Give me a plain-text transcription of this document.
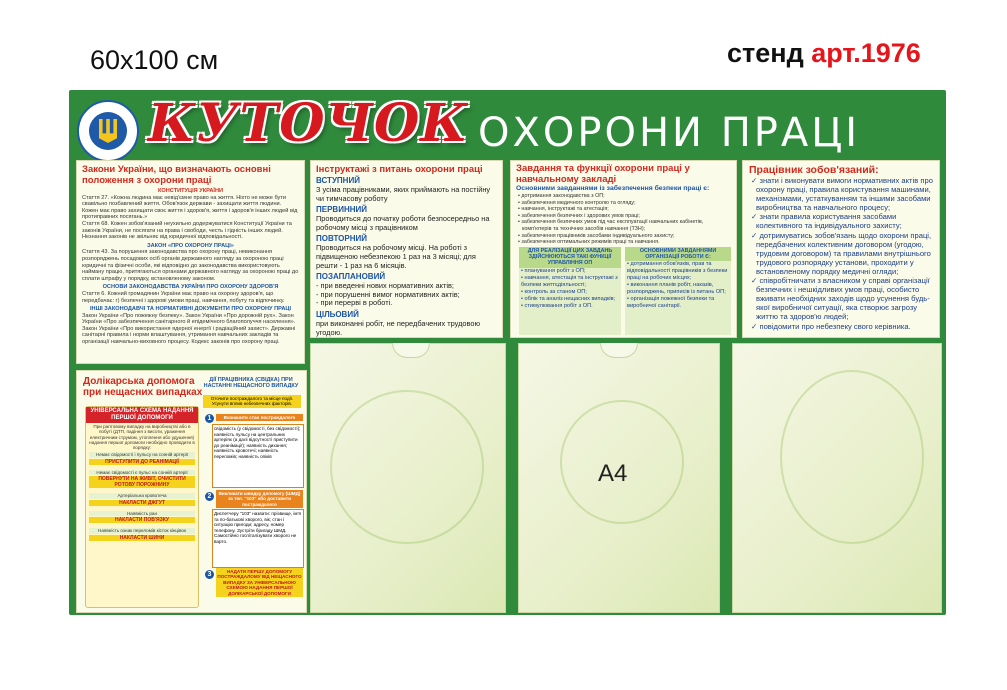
60x100 см	стенд арт.1976
КУТОЧОК ОХОРОНИ ПРАЦІ
Закони України, що визначають основні положення з охорони праці
КОНСТИТУЦІЯ УКРАЇНИ
Стаття 27. «Кожна людина має невід'ємне право на життя. Ніхто не може бути свавільно позбавлений життя. Обов'язок держави - захищати життя людини. Кожен має право захищати своє життя і здоров'я, життя і здоров'я інших людей від протиправних посягань.»
Стаття 68. Кожен зобов'язаний неухильно додержуватися Конституції України та законів України, не посягати на права і свободи, честь і гідність інших людей. Незнання законів не звільняє від юридичної відповідальності.
ЗАКОН «ПРО ОХОРОНУ ПРАЦІ»
Стаття 43. За порушення законодавства про охорону праці, невиконання розпоряджень посадових осіб органів державного нагляду за охороною праці юридичні та фізичні особи, які відповідно до законодавства використовують найману працю, притягаються органами державного нагляду за охороною праці до сплати штрафу у порядку, встановленому законом.
ОСНОВИ ЗАКОНОДАВСТВА УКРАЇНИ ПРО ОХОРОНУ ЗДОРОВ'Я
Стаття 6. Кожний громадянин України має право на охорону здоров'я, що передбачає: г) безпечні і здорові умови праці, навчання, побуту та відпочинку.
ІНШІ ЗАКОНОДАВЧІ ТА НОРМАТИВНІ ДОКУМЕНТИ ПРО ОХОРОНУ ПРАЦІ
Закон України «Про пожежну безпеку». Закон України «Про дорожній рух». Закон України «Про забезпечення санітарного й епідемічного благополуччя населення». Закон України «Про використання ядерної енергії і радіаційний захист». Державні санітарні правила і норми влаштування, утримання навчальних закладів та організації навчально-виховного процесу. Кодекс законів про охорону праці.
Долікарська допомога при нещасних випадках
УНІВЕРСАЛЬНА СХЕМА НАДАННЯ ПЕРШОЇ ДОПОМОГИ
При раптовому випадку на виробництві або в побуті (ДТП, падіння з висоти, ураження електричним струмом, утоплення або удушення) надання першої допомоги необхідно проводити в порядку:
Немає свідомості і пульсу на сонній артерії
ПРИСТУПИТИ ДО РЕАНІМАЦІЇ
Немає свідомості є пульс на сонній артерії
ПОВЕРНУТИ НА ЖИВІТ, ОЧИСТИТИ РОТОВУ ПОРОЖНИНУ
Артеріальна кровотеча
НАКЛАСТИ ДЖГУТ
Наявність ран
НАКЛАСТИ ПОВ'ЯЗКУ
Наявність ознак переломів кісток кінцівок
НАКЛАСТИ ШИНИ
ДІЇ ПРАЦІВНИКА (СВІДКА) ПРИ НАСТАННІ НЕЩАСНОГО ВИПАДКУ
Оточити постраждалого та місце події. Усунути вплив небезпечних факторів.
1	Визначити стан постраждалого
свідомість (у свідомості, без свідомості); наявність пульсу на центральних артеріях (а далі відсутності приступити до реанімації); наявність дихання; наявність кровотечі; наявність переломів; наявність опіків
2	Викликати швидку допомогу (ШМД) за тел. "103" або доставити постраждалого
Диспетчеру "103" назвати: прізвище, ім'я та по-батькові хворого, вік; стан і ситуацію пригоди; адресу, номер телефону. Зустріти бригаду ШМД. Самостійно госпіталізувати хворого не варто.
3	НАДАТИ ПЕРШУ ДОПОМОГУ ПОСТРАЖДАЛОМУ ВІД НЕЩАСНОГО ВИПАДКУ ЗА УНІВЕРСАЛЬНОЮ СХЕМОЮ НАДАННЯ ПЕРШОЇ ДОЛІКАРСЬКОЇ ДОПОМОГИ
Інструктажі з питань охорони праці
ВСТУПНИЙ
З усіма працівниками, яких приймають на постійну чи тимчасову роботу
ПЕРВИННИЙ
Проводиться до початку роботи безпосередньо на робочому місці з працівником
ПОВТОРНИЙ
Проводиться на робочому місці. На роботі з підвищеною небезпекою 1 раз на 3 місяці; для решти - 1 раз на 6 місяців.
ПОЗАПЛАНОВИЙ
- при введенні нових нормативних актів;
- при порушенні вимог нормативних актів;
- при перерві в роботі.
ЦІЛЬОВИЙ
при виконанні робіт, не передбачених трудовою угодою.
Завдання та функції охорони праці у навчальному закладі
Основними завданнями із забезпечення безпеки праці є:
• дотримання законодавства з ОП;
• забезпечення медичного контролю та огляду;
• навчання, інструктажі та атестація;
• забезпечення безпечних і здорових умов праці;
• забезпечення безпечних умов під час експлуатації навчальних кабінетів, комп'ютерів та технічних засобів навчання (ТЗН);
• забезпечення працівників засобами індивідуального захисту;
• забезпечення оптимальних режимів праці та навчання.
ДЛЯ РЕАЛІЗАЦІЇ ЦИХ ЗАВДАНЬ ЗДІЙСНЮЮТЬСЯ ТАКІ ФУНКЦІЇ УПРАВЛІННЯ ОП
• планування робіт з ОП;
• навчання, атестація та інструктажі з безпеки життєдіяльності;
• контроль за станом ОП;
• облік та аналіз нещасних випадків;
• стимулювання робіт з ОП.
ОСНОВНИМИ ЗАВДАННЯМИ ОРГАНІЗАЦІЇ РОБОТИ Є:
• дотримання обов'язків, прав та відповідальності працівників з безпеки праці на робочих місцях;
• виконання планів робіт, наказів, розпоряджень, приписів із питань ОП;
• організація пожежної безпеки та виробничої санітарії.
Працівник зобов'язаний:
✓ знати і виконувати вимоги нормативних актів про охорону праці, правила користування машинами, механізмами, устаткуванням та іншими засобами виробництва та навчального процесу;
✓ знати правила користування засобами колективного та індивідуального захисту;
✓ дотримуватись зобов'язань щодо охорони праці, передбачених колективним договором (угодою, трудовим договором) та правилами внутрішнього трудового розпорядку установи, проходити у встановленому порядку медичні огляди;
✓ співробітничати з власником у справі організації безпечних і нешкідливих умов праці, особисто вживати необхідних заходів щодо усунення будь-якої виробничої ситуації, яка створює загрозу життю та здоров'ю людей;
✓ повідомити про небезпеку свого керівника.
А4
